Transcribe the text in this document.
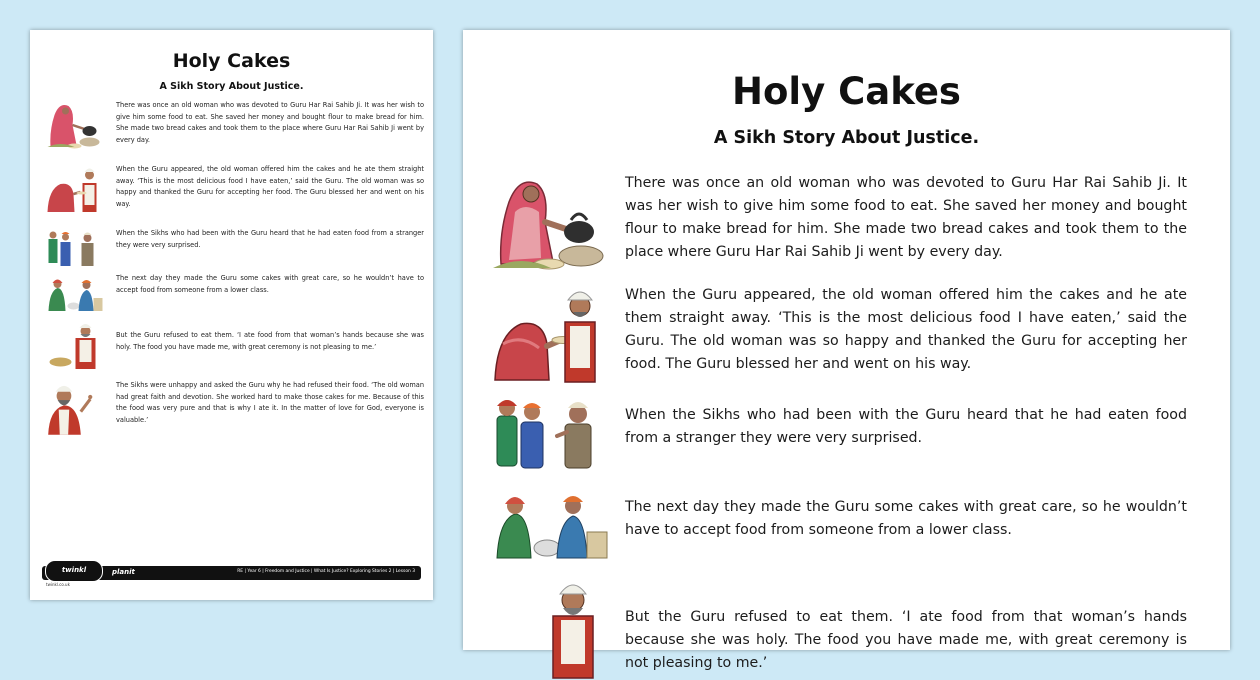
Holy Cakes
A Sikh Story About Justice.
There was once an old woman who was devoted to Guru Har Rai Sahib Ji. It was her wish to give him some food to eat. She saved her money and bought flour to make bread for him. She made two bread cakes and took them to the place where Guru Har Rai Sahib Ji went by every day.
When the Guru appeared, the old woman offered him the cakes and he ate them straight away. ‘This is the most delicious food I have eaten,’ said the Guru. The old woman was so happy and thanked the Guru for accepting her food. The Guru blessed her and went on his way.
When the Sikhs who had been with the Guru heard that he had eaten food from a stranger they were very surprised.
The next day they made the Guru some cakes with great care, so he wouldn’t have to accept food from someone from a lower class.
But the Guru refused to eat them. ‘I ate food from that woman’s hands because she was holy. The food you have made me, with great ceremony is not pleasing to me.’
The Sikhs were unhappy and asked the Guru why he had refused their food. ‘The old woman had great faith and devotion. She worked hard to make those cakes for me. Because of this the food was very pure and that is why I ate it. In the matter of love for God, everyone is valuable.’
twinkl	planit	RE | Year 6 | Freedom and Justice | What Is Justice? Exploring Stories 2 | Lesson 3
twinkl.co.uk
Holy Cakes
A Sikh Story About Justice.
There was once an old woman who was devoted to Guru Har Rai Sahib Ji. It was her wish to give him some food to eat. She saved her money and bought flour to make bread for him. She made two bread cakes and took them to the place where Guru Har Rai Sahib Ji went by every day.
When the Guru appeared, the old woman offered him the cakes and he ate them straight away. ‘This is the most delicious food I have eaten,’ said the Guru. The old woman was so happy and thanked the Guru for accepting her food. The Guru blessed her and went on his way.
When the Sikhs who had been with the Guru heard that he had eaten food from a stranger they were very surprised.
The next day they made the Guru some cakes with great care, so he wouldn’t have to accept food from someone from a lower class.
But the Guru refused to eat them. ‘I ate food from that woman’s hands because she was holy. The food you have made me, with great ceremony is not pleasing to me.’
